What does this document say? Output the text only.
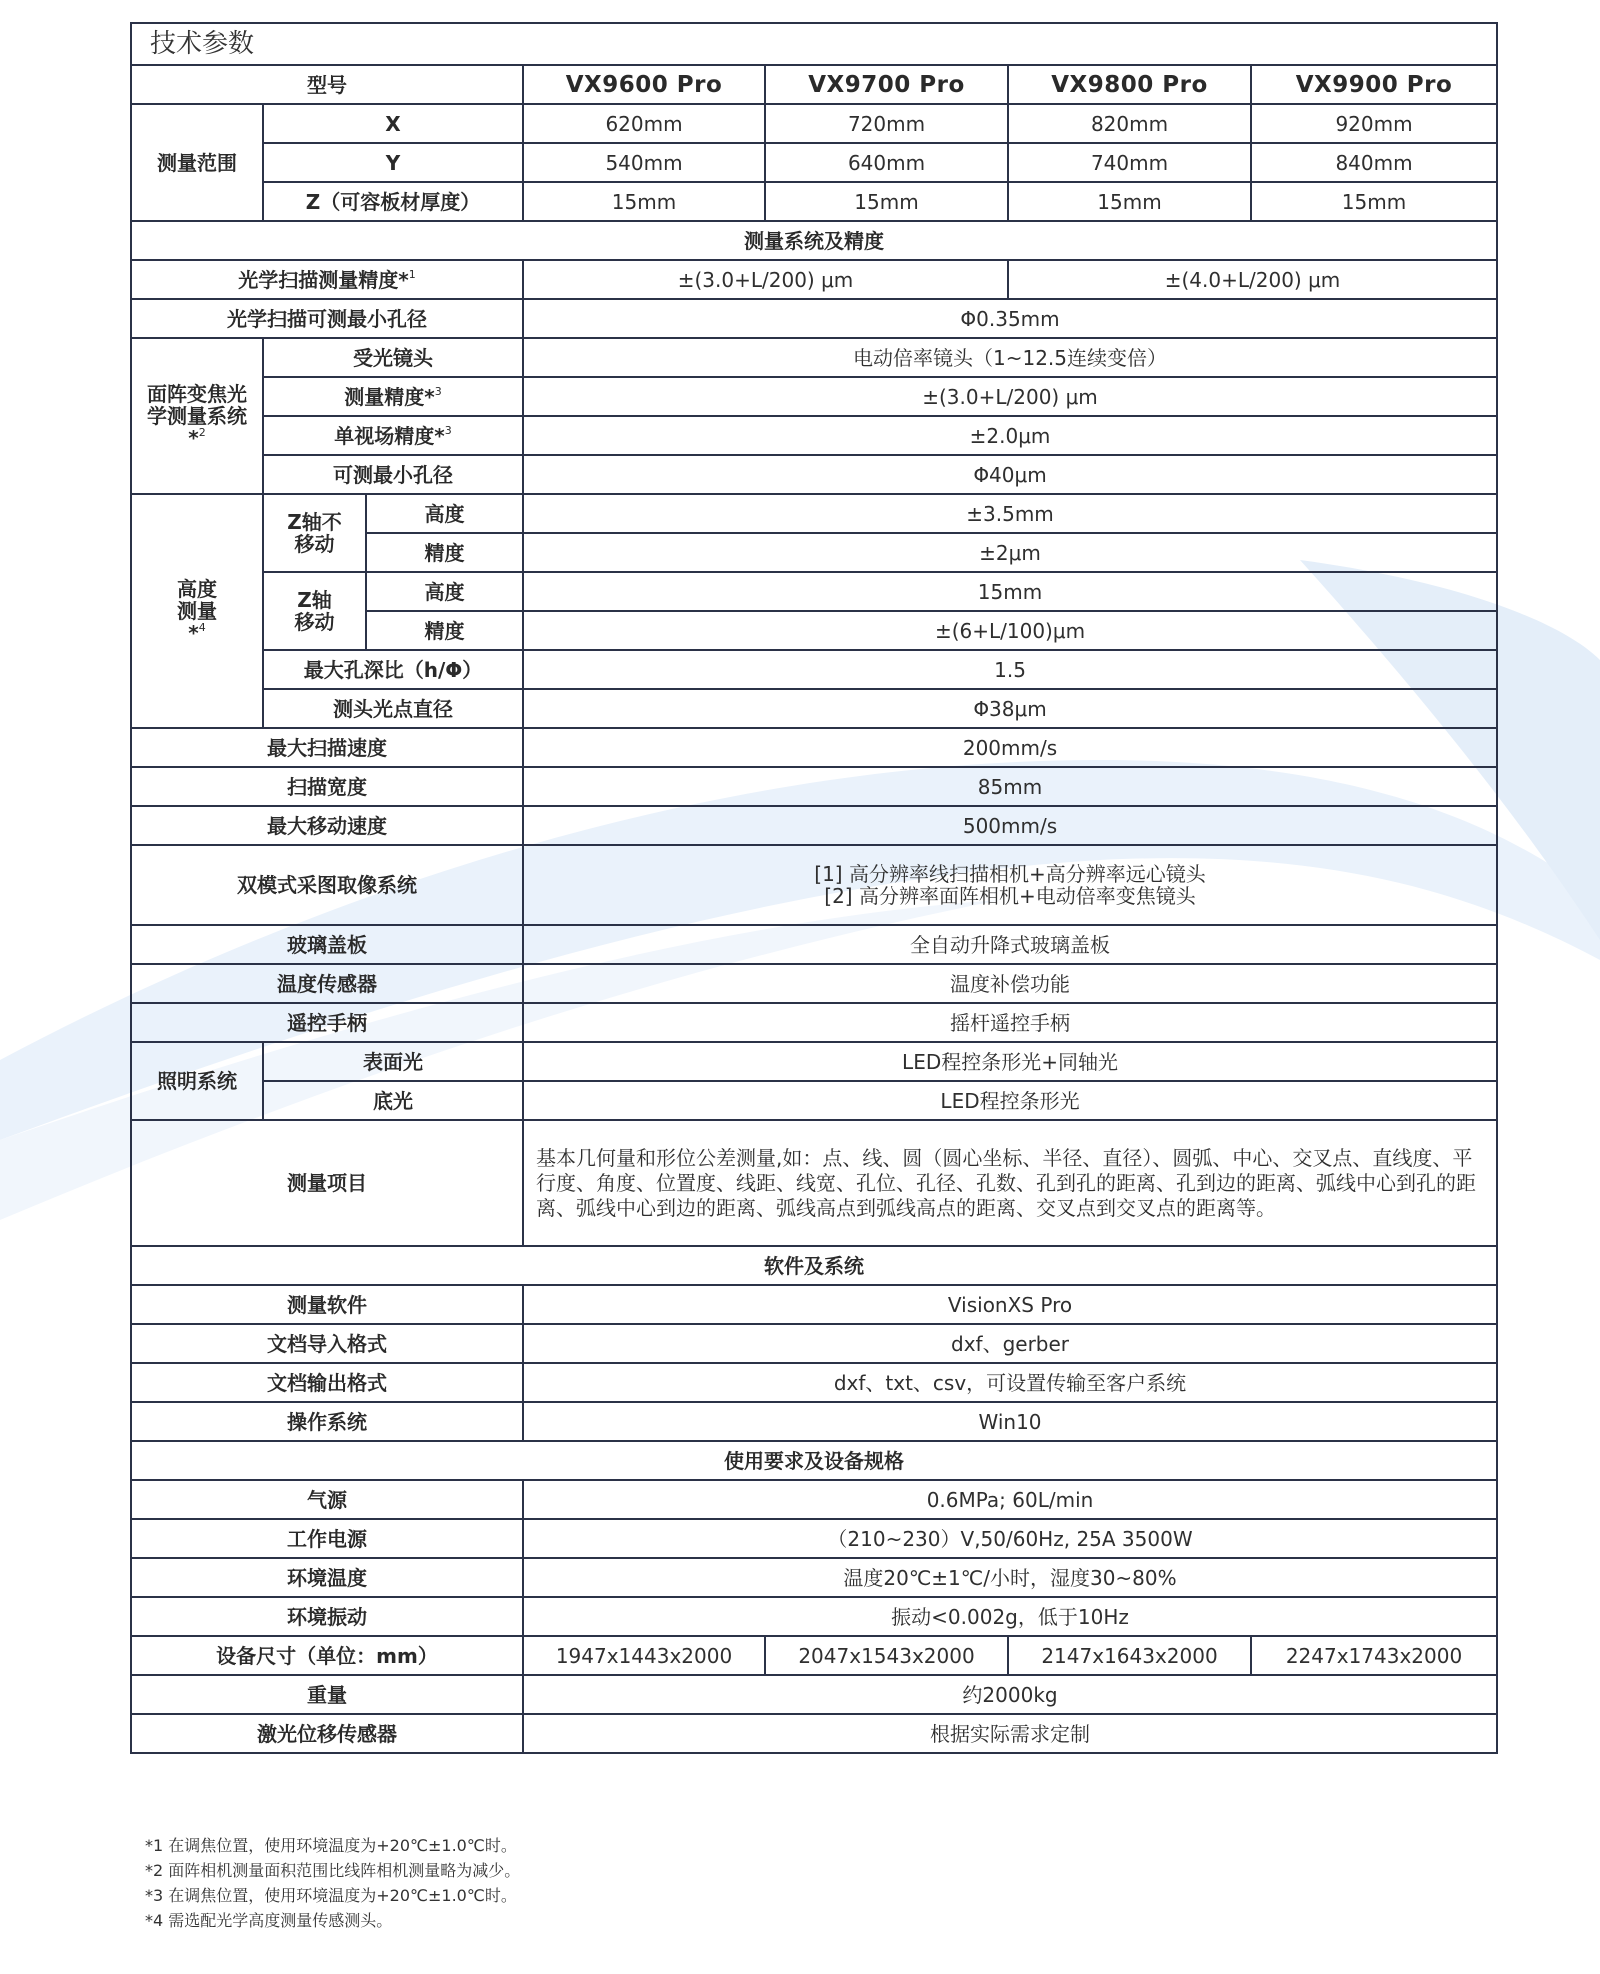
技术参数
型号			VX9600 Pro	VX9700 Pro	VX9800 Pro	VX9900 Pro
测量范围	X		620mm	720mm	820mm	920mm
	Y		540mm	640mm	740mm	840mm
	Z（可容板材厚度）		15mm	15mm	15mm	15mm
测量系统及精度						
光学扫描测量精度*$^1$			±(3.0+L/200) μm		±(4.0+L/200) μm	
光学扫描可测最小孔径			Φ0.35mm			

面阵变焦光学测量系统*$^2$	受光镜头		电动倍率镜头（1~12.5连续变倍）			
	测量精度*$^3$		±(3.0+L/200) μm			
	单视场精度*$^3$		±2.0μm			
	可测最小孔径		Φ40μm			

高度测量*$^4$	Z轴不移动	高度	±3.5mm			
		精度	±2μm			

	Z轴移动	高度	15mm			
		精度	±(6+L/100)μm			
	最大孔深比（h/Φ）		1.5			
	测头光点直径		Φ38μm			
最大扫描速度			200mm/s			
扫描宽度			85mm			
最大移动速度			500mm/s			
双模式采图取像系统			[1] 高分辨率线扫描相机+高分辨率远心镜头
[2] 高分辨率面阵相机+电动倍率变焦镜头			

玻璃盖板			全自动升降式玻璃盖板			
温度传感器			温度补偿功能			
遥控手柄			摇杆遥控手柄			
照明系统	表面光		LED程控条形光+同轴光			
	底光		LED程控条形光			
测量项目			基本几何量和形位公差测量,如：点、线、圆（圆心坐标、半径、直径）、圆弧、中心、交叉点、直线度、平行度、角度、位置度、线距、线宽、孔位、孔径、孔数、孔到孔的距离、孔到边的距离、弧线中心到孔的距离、弧线中心到边的距离、弧线高点到弧线高点的距离、交叉点到交叉点的距离等。			
软件及系统						
测量软件			VisionXS Pro			
文档导入格式			dxf、gerber			
文档输出格式			dxf、txt、csv，可设置传输至客户系统			
操作系统			Win10			
使用要求及设备规格						
气源			0.6MPa; 60L/min			
工作电源			（210~230）V,50/60Hz, 25A 3500W			
环境温度			温度20℃±1℃/小时，湿度30~80%			
环境振动			振动<0.002g，低于10Hz			
设备尺寸（单位：mm）			1947x1443x2000	2047x1543x2000	2147x1643x2000	2247x1743x2000
重量			约2000kg			
激光位移传感器			根据实际需求定制			
*1 在调焦位置，使用环境温度为+20℃±1.0℃时。
*2 面阵相机测量面积范围比线阵相机测量略为减少。
*3 在调焦位置，使用环境温度为+20℃±1.0℃时。
*4 需选配光学高度测量传感测头。
